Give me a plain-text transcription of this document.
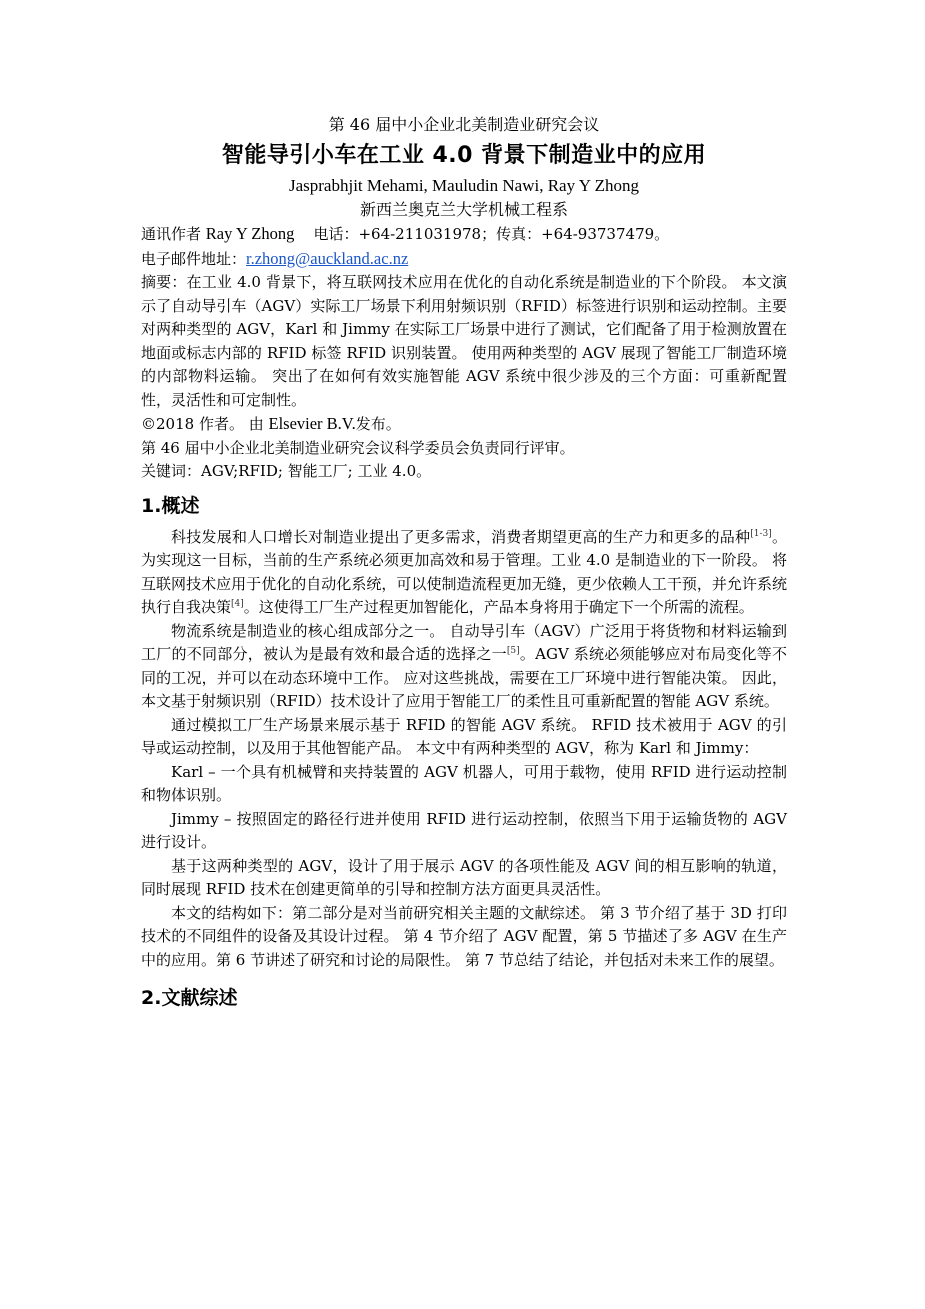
第 46 届中小企业北美制造业研究会议

智能导引小车在工业 4.0 背景下制造业中的应用

Jasprabhjit Mehami, Mauludin Nawi, Ray Y Zhong

新西兰奥克兰大学机械工程系

通讯作者 Ray Y Zhong    电话：+64-211031978；传真：+64-93737479。

电子邮件地址：r.zhong@auckland.ac.nz

摘要：在工业 4.0 背景下，将互联网技术应用在优化的自动化系统是制造业的下个阶段。 本文演示了自动导引车（AGV）实际工厂场景下利用射频识别（RFID）标签进行识别和运动控制。主要对两种类型的 AGV，Karl 和 Jimmy 在实际工厂场景中进行了测试，它们配备了用于检测放置在地面或标志内部的 RFID 标签 RFID 识别装置。 使用两种类型的 AGV 展现了智能工厂制造环境的内部物料运输。 突出了在如何有效实施智能 AGV 系统中很少涉及的三个方面：可重新配置性，灵活性和可定制性。

©2018 作者。 由 Elsevier B.V.发布。

第 46 届中小企业北美制造业研究会议科学委员会负责同行评审。

关键词：AGV;RFID; 智能工厂; 工业 4.0。

1.概述

科技发展和人口增长对制造业提出了更多需求，消费者期望更高的生产力和更多的品种[1-3]。 为实现这一目标，当前的生产系统必须更加高效和易于管理。工业 4.0 是制造业的下一阶段。 将互联网技术应用于优化的自动化系统，可以使制造流程更加无缝，更少依赖人工干预，并允许系统执行自我决策[4]。这使得工厂生产过程更加智能化，产品本身将用于确定下一个所需的流程。

物流系统是制造业的核心组成部分之一。 自动导引车（AGV）广泛用于将货物和材料运输到工厂的不同部分，被认为是最有效和最合适的选择之一[5]。AGV 系统必须能够应对布局变化等不同的工况，并可以在动态环境中工作。 应对这些挑战，需要在工厂环境中进行智能决策。 因此，本文基于射频识别（RFID）技术设计了应用于智能工厂的柔性且可重新配置的智能 AGV 系统。

通过模拟工厂生产场景来展示基于 RFID 的智能 AGV 系统。 RFID 技术被用于 AGV 的引导或运动控制，以及用于其他智能产品。 本文中有两种类型的 AGV，称为 Karl 和 Jimmy：

Karl – 一个具有机械臂和夹持装置的 AGV 机器人，可用于载物，使用 RFID 进行运动控制和物体识别。

Jimmy – 按照固定的路径行进并使用 RFID 进行运动控制，依照当下用于运输货物的 AGV 进行设计。

基于这两种类型的 AGV，设计了用于展示 AGV 的各项性能及 AGV 间的相互影响的轨道，同时展现 RFID 技术在创建更简单的引导和控制方法方面更具灵活性。

本文的结构如下：第二部分是对当前研究相关主题的文献综述。 第 3 节介绍了基于 3D 打印技术的不同组件的设备及其设计过程。 第 4 节介绍了 AGV 配置，第 5 节描述了多 AGV 在生产中的应用。第 6 节讲述了研究和讨论的局限性。 第 7 节总结了结论，并包括对未来工作的展望。

2.文献综述
